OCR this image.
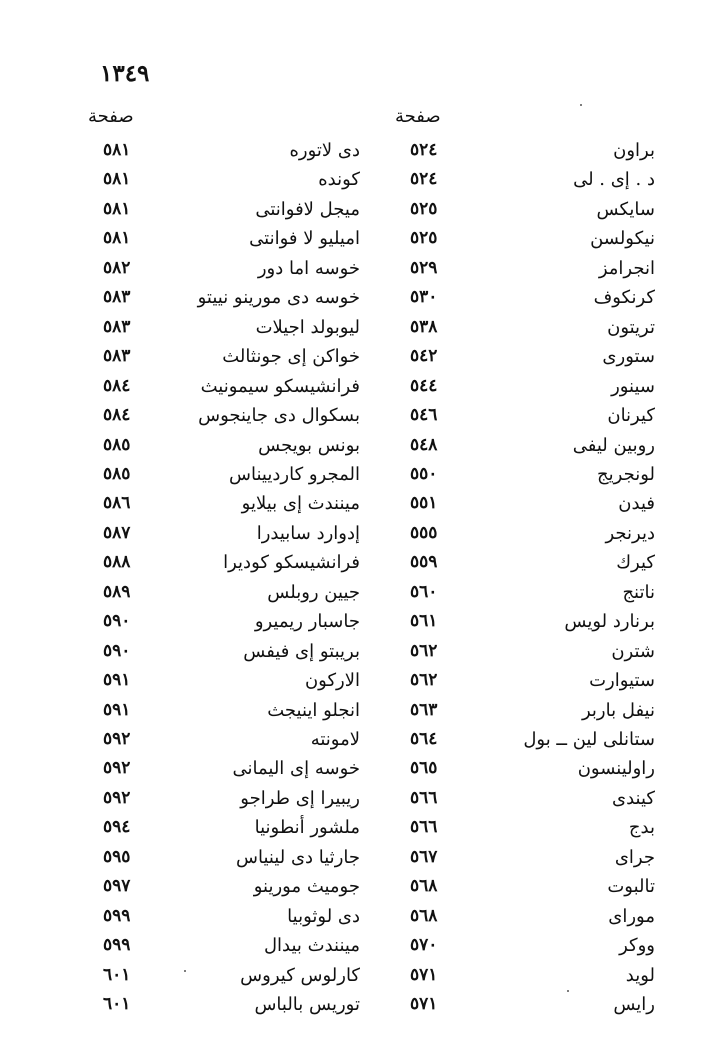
١٣٤٩
صفحة	صفحة
دى لاتوره
٥٨١
كونده
٥٨١
ميجل لافوانتى
٥٨١
اميليو لا فوانتى
٥٨١
خوسه اما دور
٥٨٢
خوسه دى مورينو نييتو
٥٨٣
ليوبولد اجيلات
٥٨٣
خواكن إى جونثالث
٥٨٣
فرانشيسكو سيمونيث
٥٨٤
بسكوال دى جاينجوس
٥٨٤
بونس بويجس
٥٨٥
المجرو كاردييناس
٥٨٥
مينندث إى بيلايو
٥٨٦
إدوارد سابيدرا
٥٨٧
فرانشيسكو كوديرا
٥٨٨
جيين روبلس
٥٨٩
جاسبار ريميرو
٥٩٠
بريبتو إى فيفس
٥٩٠
الاركون
٥٩١
انجلو اينيجث
٥٩١
لامونته
٥٩٢
خوسه إى اليمانى
٥٩٢
ريبيرا إى طراجو
٥٩٢
ملشور أنطونيا
٥٩٤
جارثيا دى لينياس
٥٩٥
جوميث مورينو
٥٩٧
دى لوثوبيا
٥٩٩
مينندث بيدال
٥٩٩
كارلوس كيروس
٦٠١
توريس بالباس
٦٠١
براون
٥٢٤
د . إى . لى
٥٢٤
سايكس
٥٢٥
نيكولسن
٥٢٥
انجرامز
٥٢٩
كرنكوف
٥٣٠
تريتون
٥٣٨
ستورى
٥٤٢
سينور
٥٤٤
كيرنان
٥٤٦
روبين ليفى
٥٤٨
لونجريج
٥٥٠
فيدن
٥٥١
ديرنجر
٥٥٥
كيرك
٥٥٩
ناتنج
٥٦٠
برنارد لويس
٥٦١
شترن
٥٦٢
ستيوارت
٥٦٢
نيفل باربر
٥٦٣
ستانلى لين ــ بول
٥٦٤
راولينسون
٥٦٥
كيندى
٥٦٦
بدج
٥٦٦
جراى
٥٦٧
تالبوت
٥٦٨
موراى
٥٦٨
ووكر
٥٧٠
لويد
٥٧١
رايس
٥٧١
